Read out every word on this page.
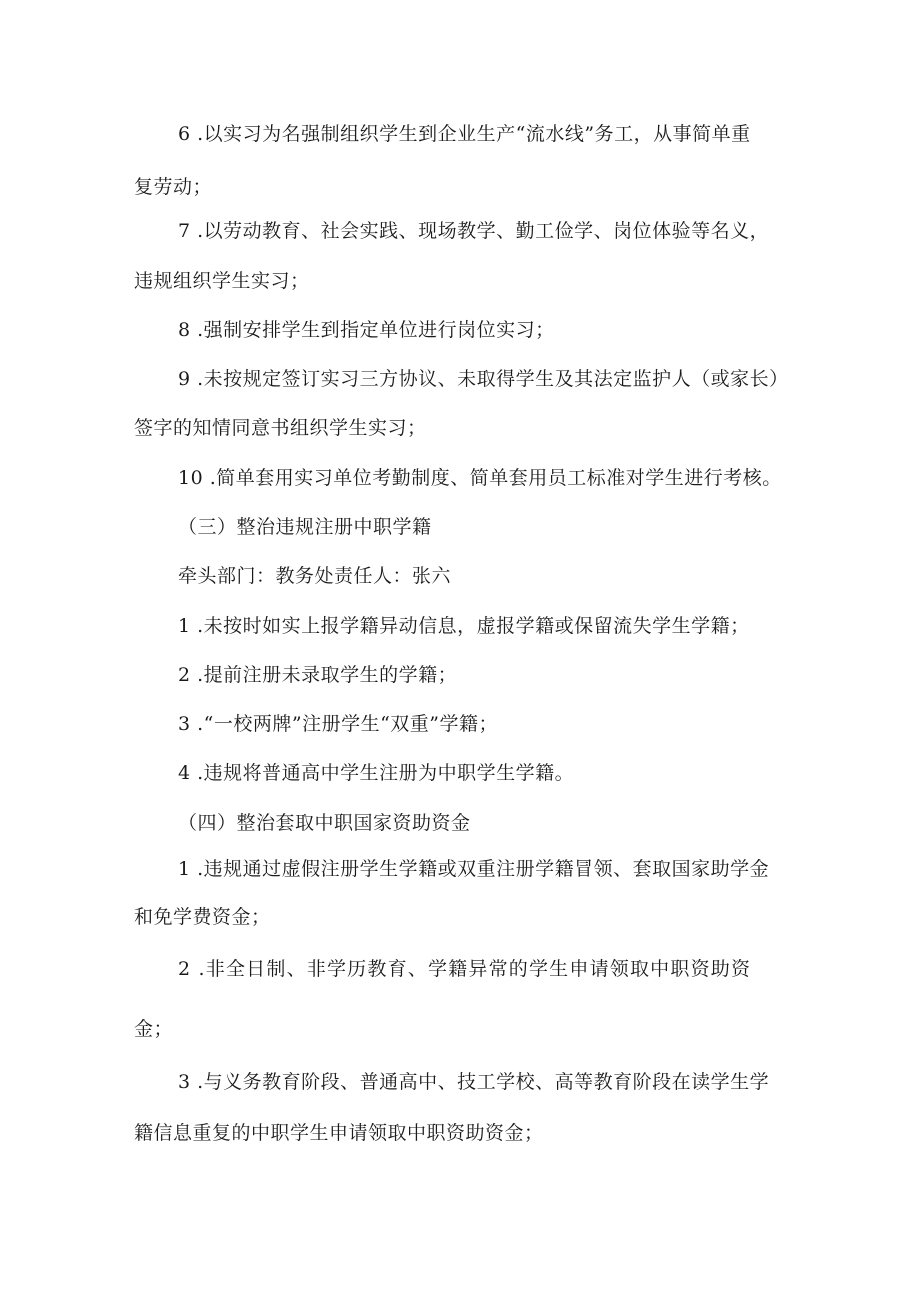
6 .以实习为名强制组织学生到企业生产“流水线”务工，从事简单重
复劳动；
7 .以劳动教育、社会实践、现场教学、勤工俭学、岗位体验等名义，
违规组织学生实习；
8 .强制安排学生到指定单位进行岗位实习；
9 .未按规定签订实习三方协议、未取得学生及其法定监护人（或家长）
签字的知情同意书组织学生实习；
10 .简单套用实习单位考勤制度、简单套用员工标准对学生进行考核。
（三）整治违规注册中职学籍
牵头部门：教务处责任人：张六
1 .未按时如实上报学籍异动信息，虚报学籍或保留流失学生学籍；
2 .提前注册未录取学生的学籍；
3 .“一校两牌”注册学生“双重”学籍；
4 .违规将普通高中学生注册为中职学生学籍。
（四）整治套取中职国家资助资金
1 .违规通过虚假注册学生学籍或双重注册学籍冒领、套取国家助学金
和免学费资金；
2 .非全日制、非学历教育、学籍异常的学生申请领取中职资助资
金；
3 .与义务教育阶段、普通高中、技工学校、高等教育阶段在读学生学
籍信息重复的中职学生申请领取中职资助资金；
